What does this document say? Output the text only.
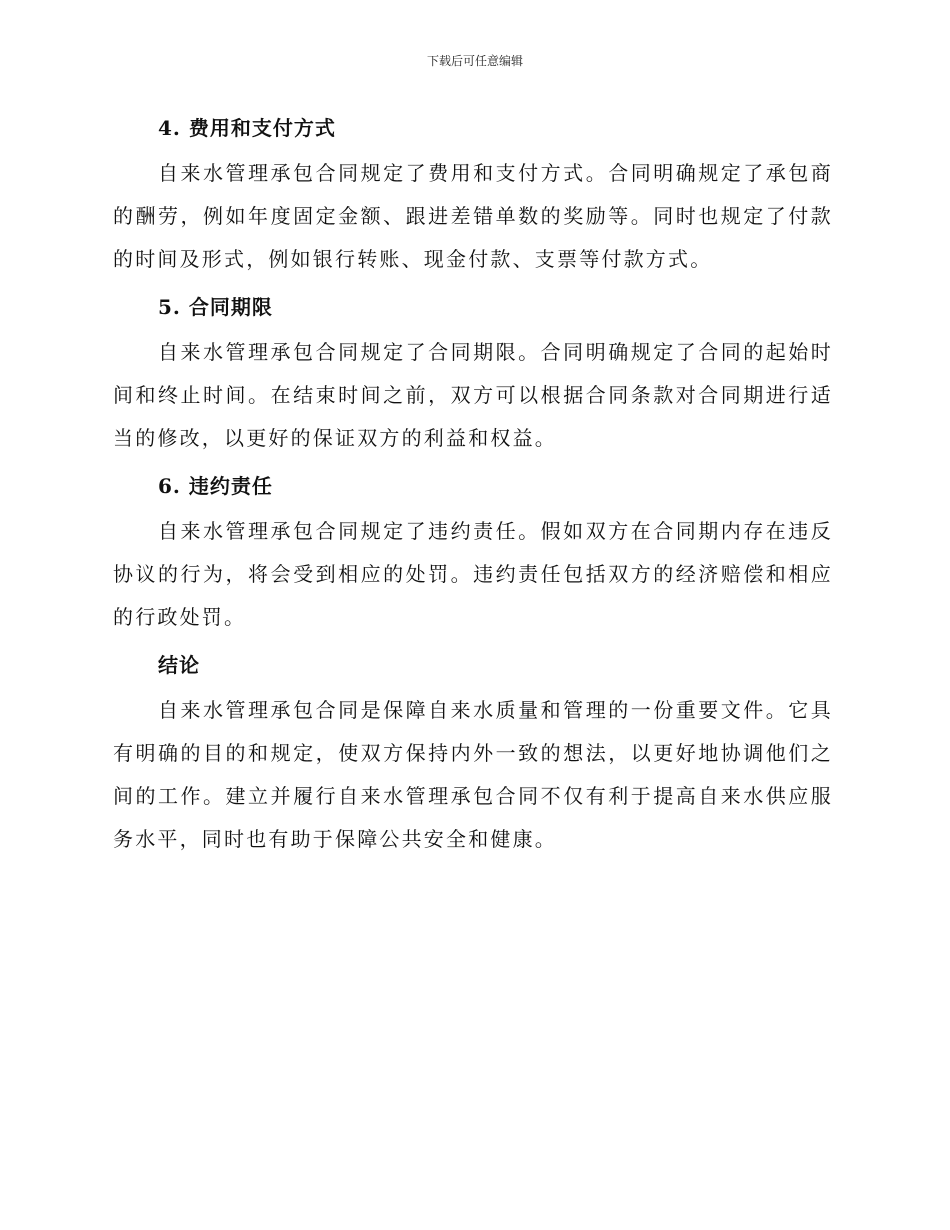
下载后可任意编辑
4. 费用和支付方式

自来水管理承包合同规定了费用和支付方式。合同明确规定了承包商的酬劳，例如年度固定金额、跟进差错单数的奖励等。同时也规定了付款的时间及形式，例如银行转账、现金付款、支票等付款方式。

5. 合同期限

自来水管理承包合同规定了合同期限。合同明确规定了合同的起始时间和终止时间。在结束时间之前，双方可以根据合同条款对合同期进行适当的修改，以更好的保证双方的利益和权益。

6. 违约责任

自来水管理承包合同规定了违约责任。假如双方在合同期内存在违反协议的行为，将会受到相应的处罚。违约责任包括双方的经济赔偿和相应的行政处罚。

结论

自来水管理承包合同是保障自来水质量和管理的一份重要文件。它具有明确的目的和规定，使双方保持内外一致的想法，以更好地协调他们之间的工作。建立并履行自来水管理承包合同不仅有利于提高自来水供应服务水平，同时也有助于保障公共安全和健康。
